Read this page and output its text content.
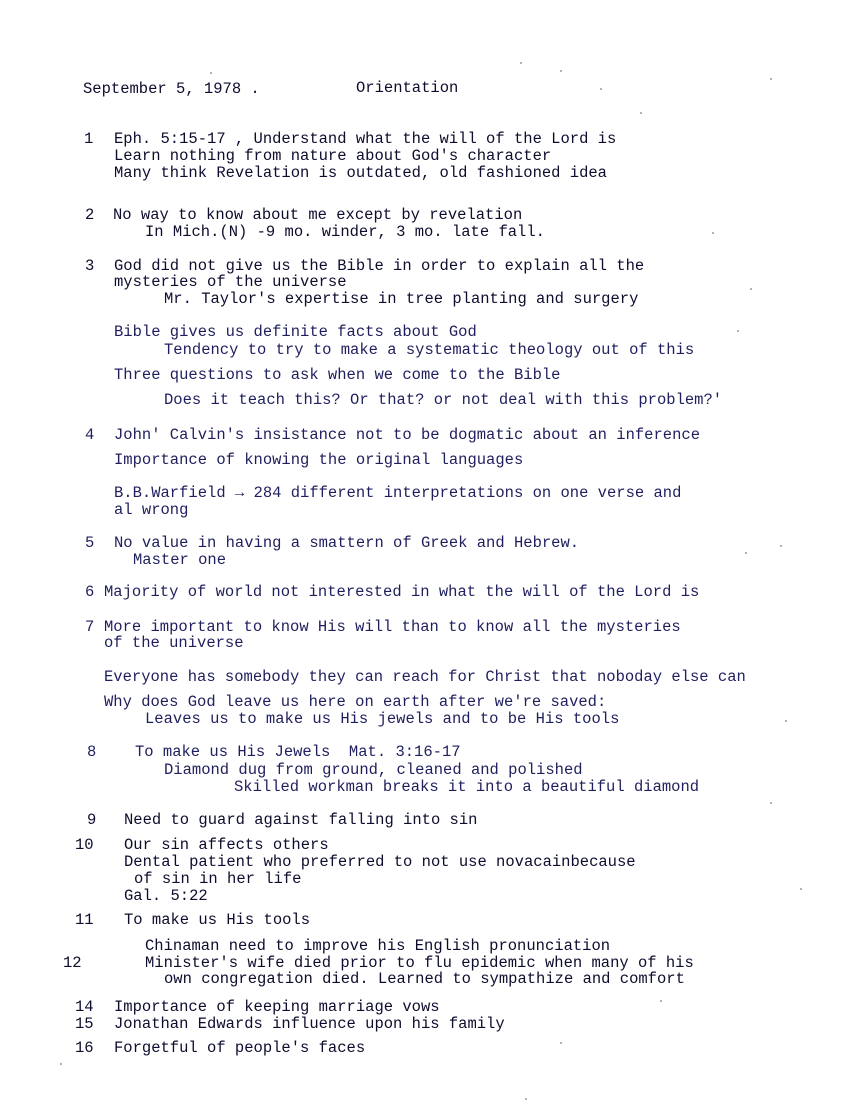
September 5, 1978 .	Orientation
1 Eph. 5:15-17 , Understand what the will of the Lord is
Learn nothing from nature about God's character
Many think Revelation is outdated, old fashioned idea
2 No way to know about me except by revelation
In Mich.(N) -9 mo. winder, 3 mo. late fall.
3 God did not give us the Bible in order to explain all the
mysteries of the universe
Mr. Taylor's expertise in tree planting and surgery
Bible gives us definite facts about God
Tendency to try to make a systematic theology out of this
Three questions to ask when we come to the Bible
Does it teach this? Or that? or not deal with this problem?'
4 John' Calvin's insistance not to be dogmatic about an inference
Importance of knowing the original languages
B.B.Warfield → 284 different interpretations on one verse and
al wrong
5 No value in having a smattern of Greek and Hebrew.
Master one
6 Majority of world not interested in what the will of the Lord is
7 More important to know His will than to know all the mysteries
of the universe
Everyone has somebody they can reach for Christ that noboday else can
Why does God leave us here on earth after we're saved:
Leaves us to make us His jewels and to be His tools
8 To make us His Jewels  Mat. 3:16-17
Diamond dug from ground, cleaned and polished
Skilled workman breaks it into a beautiful diamond
9 Need to guard against falling into sin
10 Our sin affects others
Dental patient who preferred to not use novacainbecause
of sin in her life
Gal. 5:22
11 To make us His tools
Chinaman need to improve his English pronunciation
12	Minister's wife died prior to flu epidemic when many of his
own congregation died. Learned to sympathize and comfort
14 Importance of keeping marriage vows
15 Jonathan Edwards influence upon his family
16 Forgetful of people's faces
